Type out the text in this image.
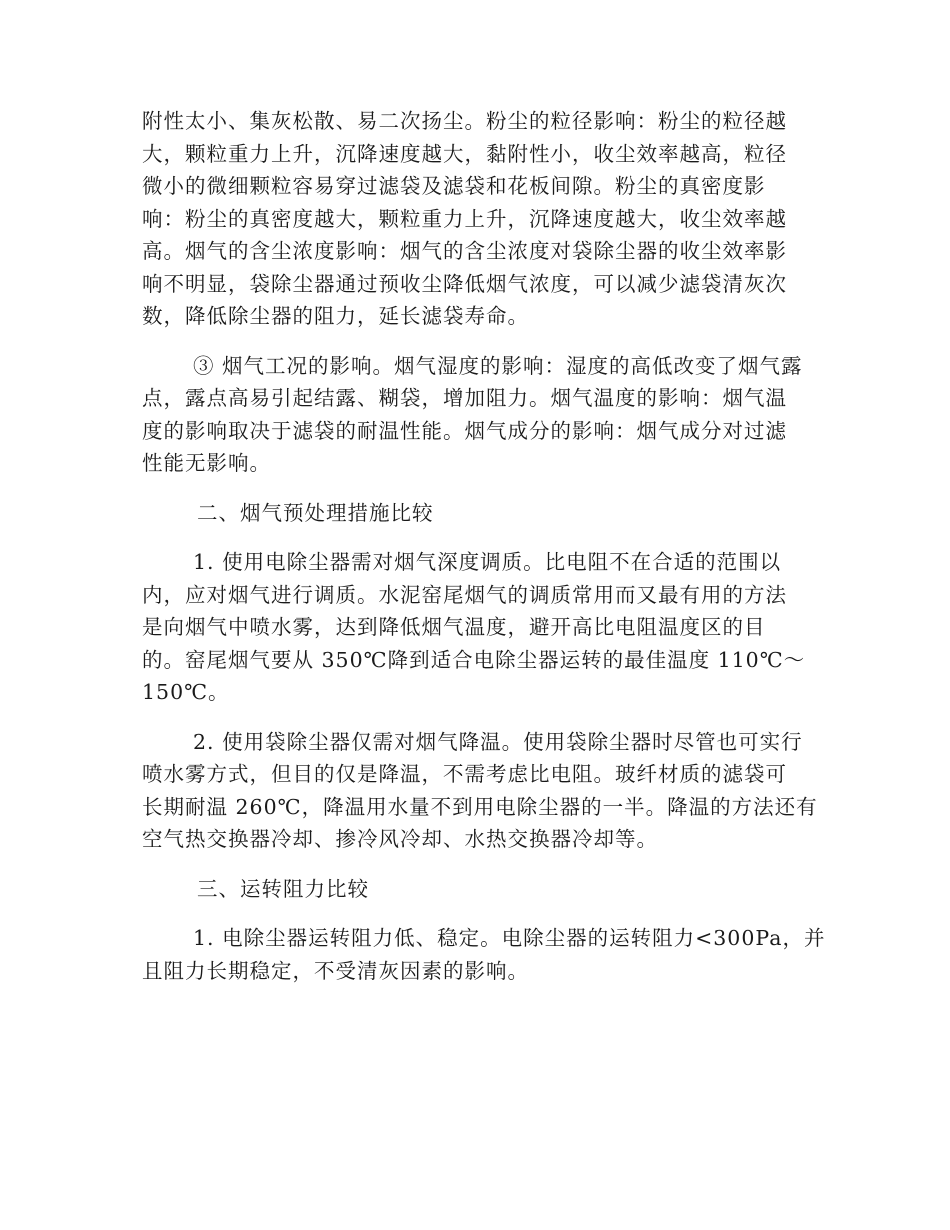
附性太小、集灰松散、易二次扬尘。粉尘的粒径影响：粉尘的粒径越
大，颗粒重力上升，沉降速度越大，黏附性小，收尘效率越高，粒径
微小的微细颗粒容易穿过滤袋及滤袋和花板间隙。粉尘的真密度影
响：粉尘的真密度越大，颗粒重力上升，沉降速度越大，收尘效率越
高。烟气的含尘浓度影响：烟气的含尘浓度对袋除尘器的收尘效率影
响不明显，袋除尘器通过预收尘降低烟气浓度，可以减少滤袋清灰次
数，降低除尘器的阻力，延长滤袋寿命。
③ 烟气工况的影响。烟气湿度的影响：湿度的高低改变了烟气露
点，露点高易引起结露、糊袋，增加阻力。烟气温度的影响：烟气温
度的影响取决于滤袋的耐温性能。烟气成分的影响：烟气成分对过滤
性能无影响。
二、烟气预处理措施比较
1. 使用电除尘器需对烟气深度调质。比电阻不在合适的范围以
内，应对烟气进行调质。水泥窑尾烟气的调质常用而又最有用的方法
是向烟气中喷水雾，达到降低烟气温度，避开高比电阻温度区的目
的。窑尾烟气要从 350℃降到适合电除尘器运转的最佳温度 110℃～
150℃。
2. 使用袋除尘器仅需对烟气降温。使用袋除尘器时尽管也可实行
喷水雾方式，但目的仅是降温，不需考虑比电阻。玻纤材质的滤袋可
长期耐温 260℃，降温用水量不到用电除尘器的一半。降温的方法还有
空气热交换器冷却、掺冷风冷却、水热交换器冷却等。
三、运转阻力比较
1. 电除尘器运转阻力低、稳定。电除尘器的运转阻力<300Pa，并
且阻力长期稳定，不受清灰因素的影响。
